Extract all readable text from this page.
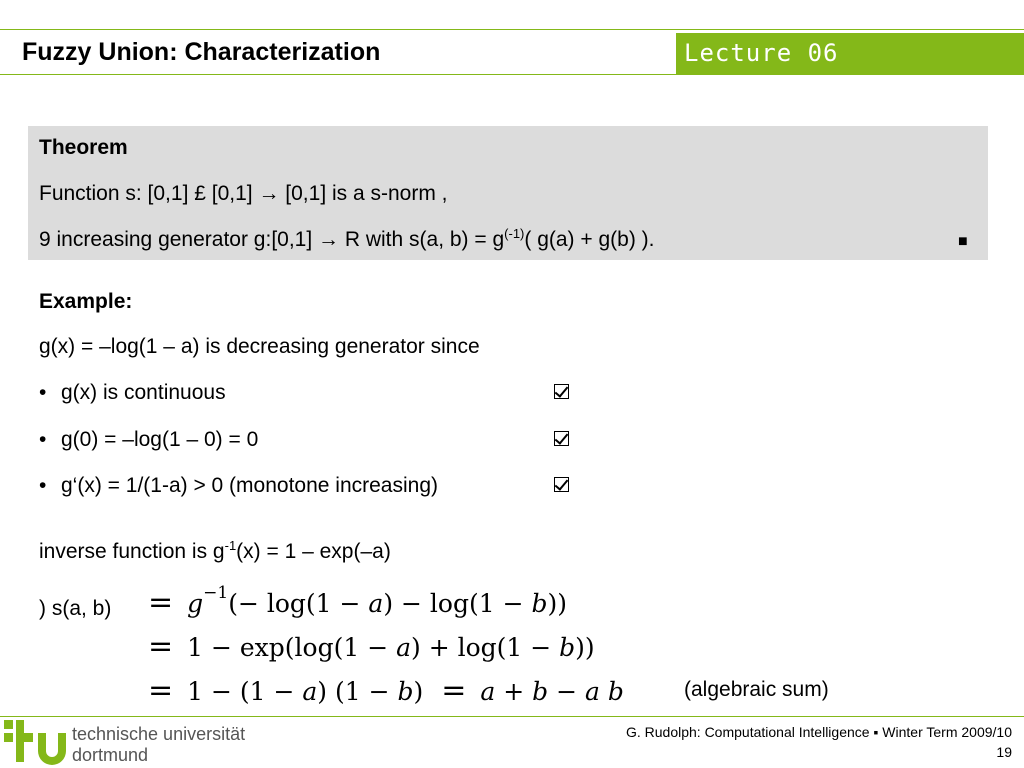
Fuzzy Union: Characterization	Lecture 06
Theorem
Function s: [0,1] £ [0,1] → [0,1] is a s-norm ,
9 increasing generator g:[0,1] → R with s(a, $b) = g^{(-1)}$( g(a) + g(b) ).	■
Example:
g(x) = –log(1 – a) is decreasing generator since
• g(x) is continuous
• g(0) = –log(1 – 0) = 0
• g‘(x) = 1/(1-a) > 0 (monotone increasing)
inverse function is $g^{-1}(x) = 1 - \exp(-a)$
) s(a, $b) = g^{-1}(- \log(1 - a) - \log(1 - b))$
= 1 − exp(log(1 − a) + log(1 − b))
= 1 − (1 − a) (1 − b) = a + b − a b	(algebraic sum)
technische universität
dortmund
G. Rudolph: Computational Intelligence ▪ Winter Term 2009/10
19
